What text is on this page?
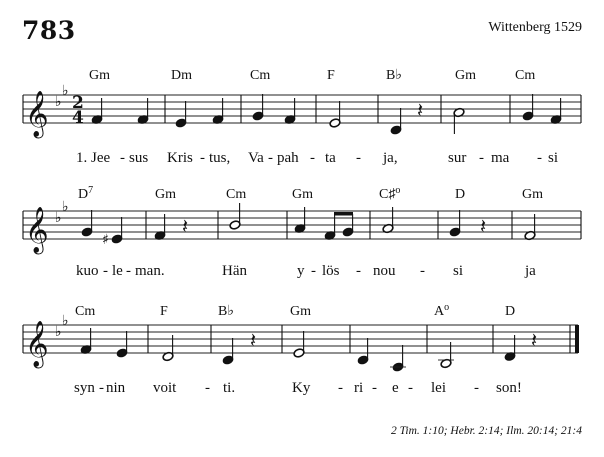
783	Wittenberg 1529
Gm	Dm	Cm	F	B♭	Gm	Cm
𝄞 ♭
♭
2
4	𝄽
1. Jee - sus Kris - tus, Va - pah - ta - ja,	sur - ma - si
$D^7$	Gm	Cm	Gm	C♯$^o$	D	Gm
𝄞 ♭
♭
♯
𝄽	𝄽
kuo - le - man.	Hän	y - lös - nou - si	ja
Cm	F	B♭	Gm	$A^o$	D
𝄞 ♭
♭
𝄽	𝄽
syn - nin voit - ti.	Ky - ri - e - lei - son!
2 Tim. 1:10; Hebr. 2:14; Ilm. 20:14; 21:4
